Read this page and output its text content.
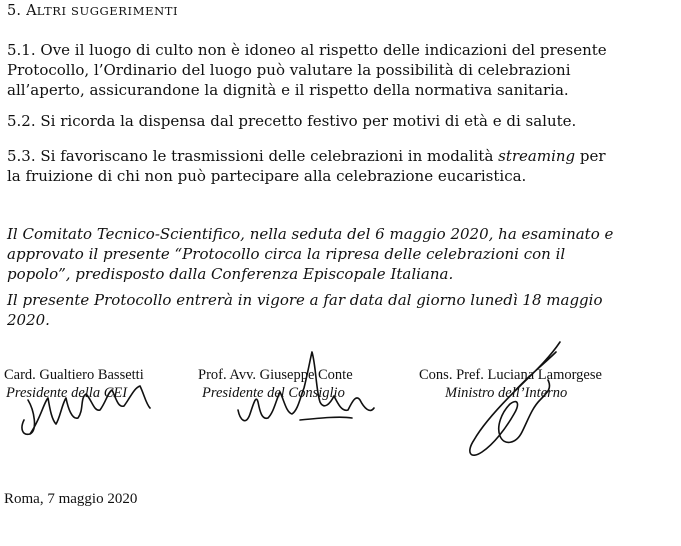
5. ALTRI SUGGERIMENTI
5.1. Ove il luogo di culto non è idoneo al rispetto delle indicazioni del presente Protocollo, l’Ordinario del luogo può valutare la possibilità di celebrazioni all’aperto, assicurandone la dignità e il rispetto della normativa sanitaria.
5.2. Si ricorda la dispensa dal precetto festivo per motivi di età e di salute.
5.3. Si favoriscano le trasmissioni delle celebrazioni in modalità streaming per la fruizione di chi non può partecipare alla celebrazione eucaristica.
Il Comitato Tecnico-Scientifico, nella seduta del 6 maggio 2020, ha esaminato e approvato il presente “Protocollo circa la ripresa delle celebrazioni con il popolo”, predisposto dalla Conferenza Episcopale Italiana.
Il presente Protocollo entrerà in vigore a far data dal giorno lunedì 18 maggio 2020.
Card. Gualtiero Bassetti
Presidente della CEI
Prof. Avv. Giuseppe Conte
Presidente del Consiglio
Cons. Pref. Luciana Lamorgese
Ministro dell’Interno
Roma, 7 maggio 2020
